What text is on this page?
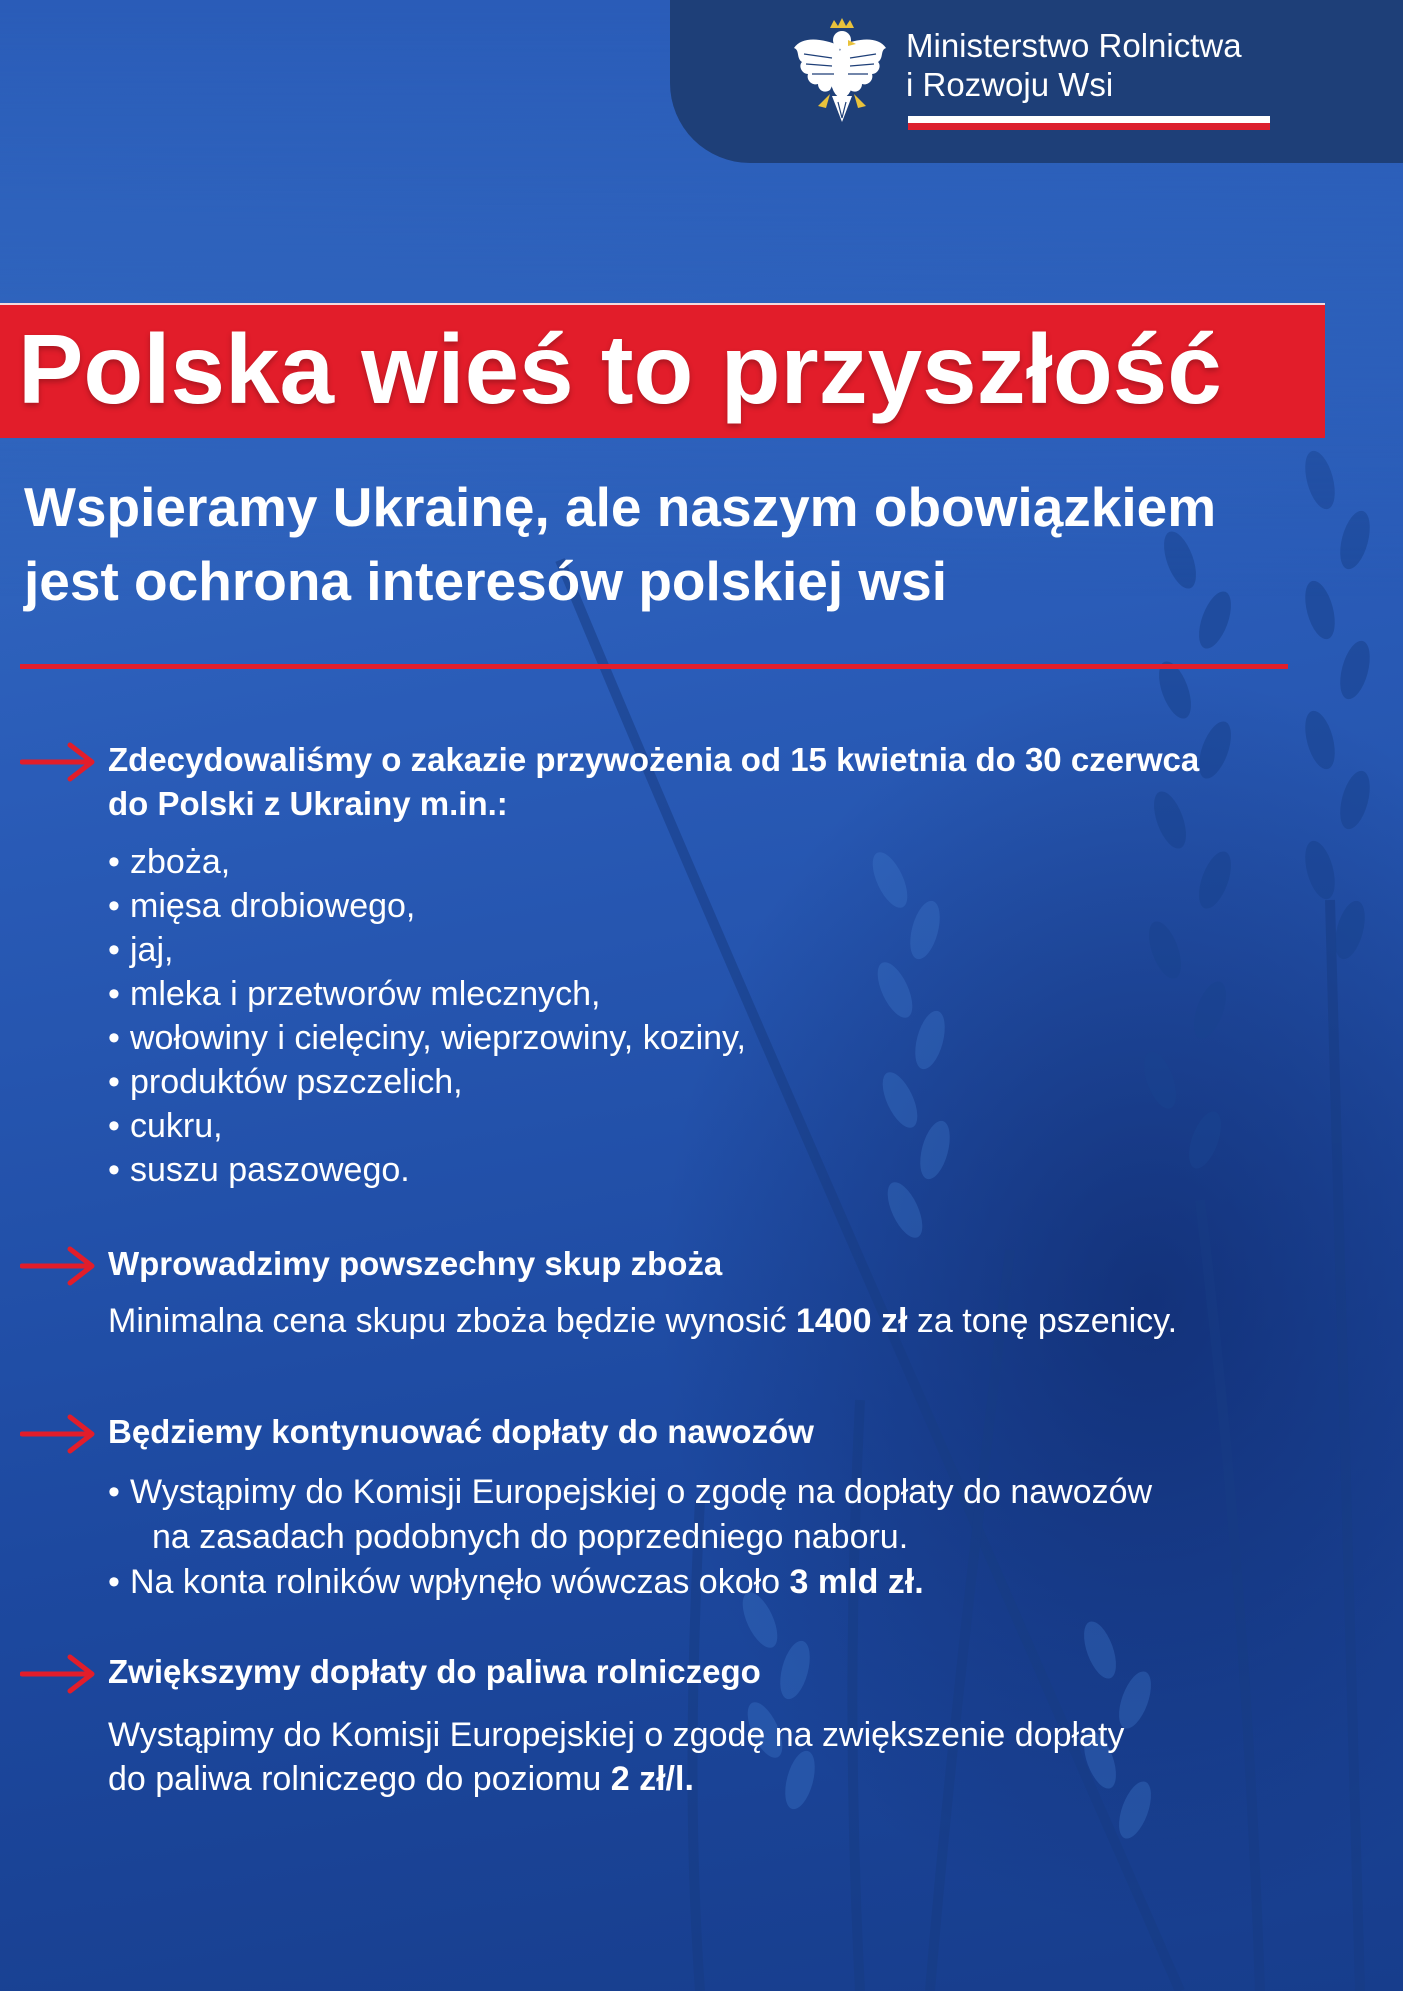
Ministerstwo Rolnictwa
i Rozwoju Wsi
Polska wieś to przyszłość
Wspieramy Ukrainę, ale naszym obowiązkiem
jest ochrona interesów polskiej wsi
Zdecydowaliśmy o zakazie przywożenia od 15 kwietnia do 30 czerwca
do Polski z Ukrainy m.in.:
• zboża,
• mięsa drobiowego,
• jaj,
• mleka i przetworów mlecznych,
• wołowiny i cielęciny, wieprzowiny, koziny,
• produktów pszczelich,
• cukru,
• suszu paszowego.
Wprowadzimy powszechny skup zboża

Minimalna cena skupu zboża będzie wynosić 1400 zł za tonę pszenicy.

Będziemy kontynuować dopłaty do nawozów
• Wystąpimy do Komisji Europejskiej o zgodę na dopłaty do nawozów
na zasadach podobnych do poprzedniego naboru.
• Na konta rolników wpłynęło wówczas około 3 mld zł.
Zwiększymy dopłaty do paliwa rolniczego
Wystąpimy do Komisji Europejskiej o zgodę na zwiększenie dopłaty
do paliwa rolniczego do poziomu 2 zł/l.
